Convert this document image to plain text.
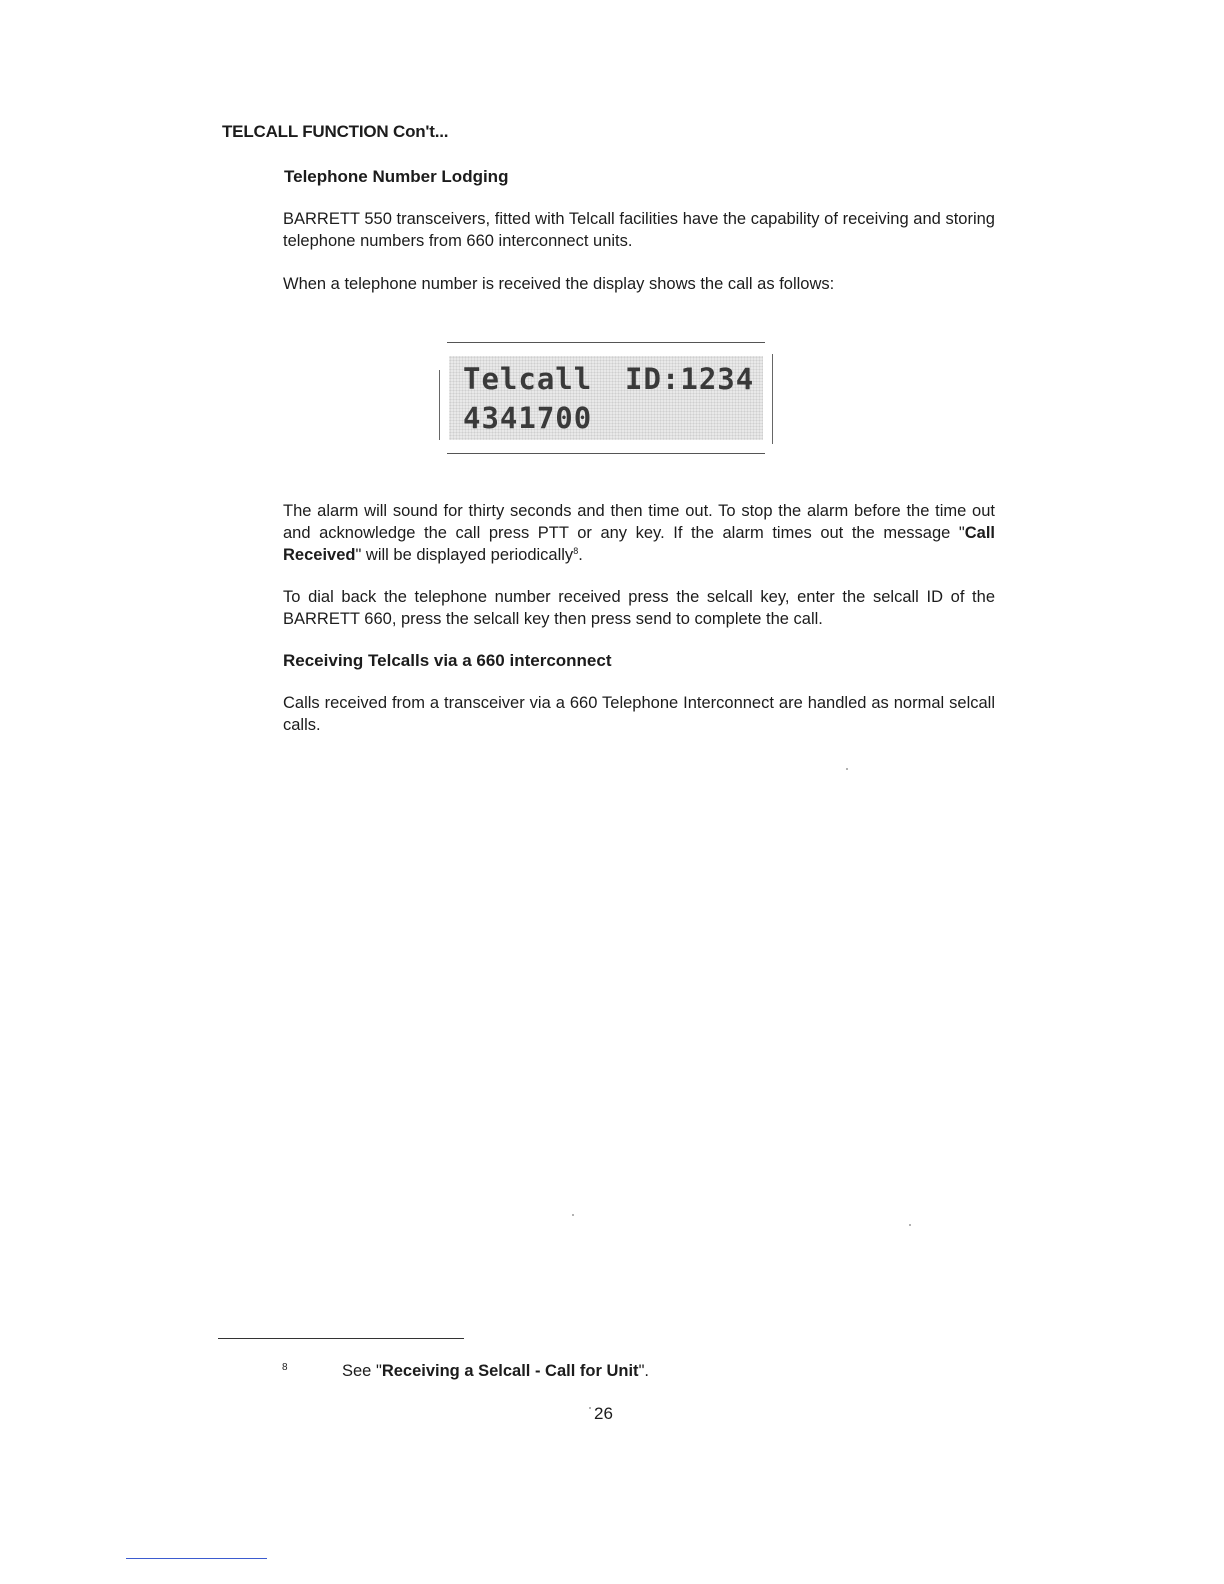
TELCALL FUNCTION Con't...
Telephone Number Lodging

BARRETT 550 transceivers, fitted with Telcall facilities have the capability of receiving and storing telephone numbers from 660 interconnect units.

When a telephone number is received the display shows the call as follows:

Telcall ID:1234
4341700

The alarm will sound for thirty seconds and then time out. To stop the alarm before the time out and acknowledge the call press PTT or any key. If the alarm times out the message "Call Received" will be displayed periodically$^8$.

To dial back the telephone number received press the selcall key, enter the selcall ID of the BARRETT 660, press the selcall key then press send to complete the call.

Receiving Telcalls via a 660 interconnect

Calls received from a transceiver via a 660 Telephone Interconnect are handled as normal selcall calls.

8	See "Receiving a Selcall - Call for Unit".
26
